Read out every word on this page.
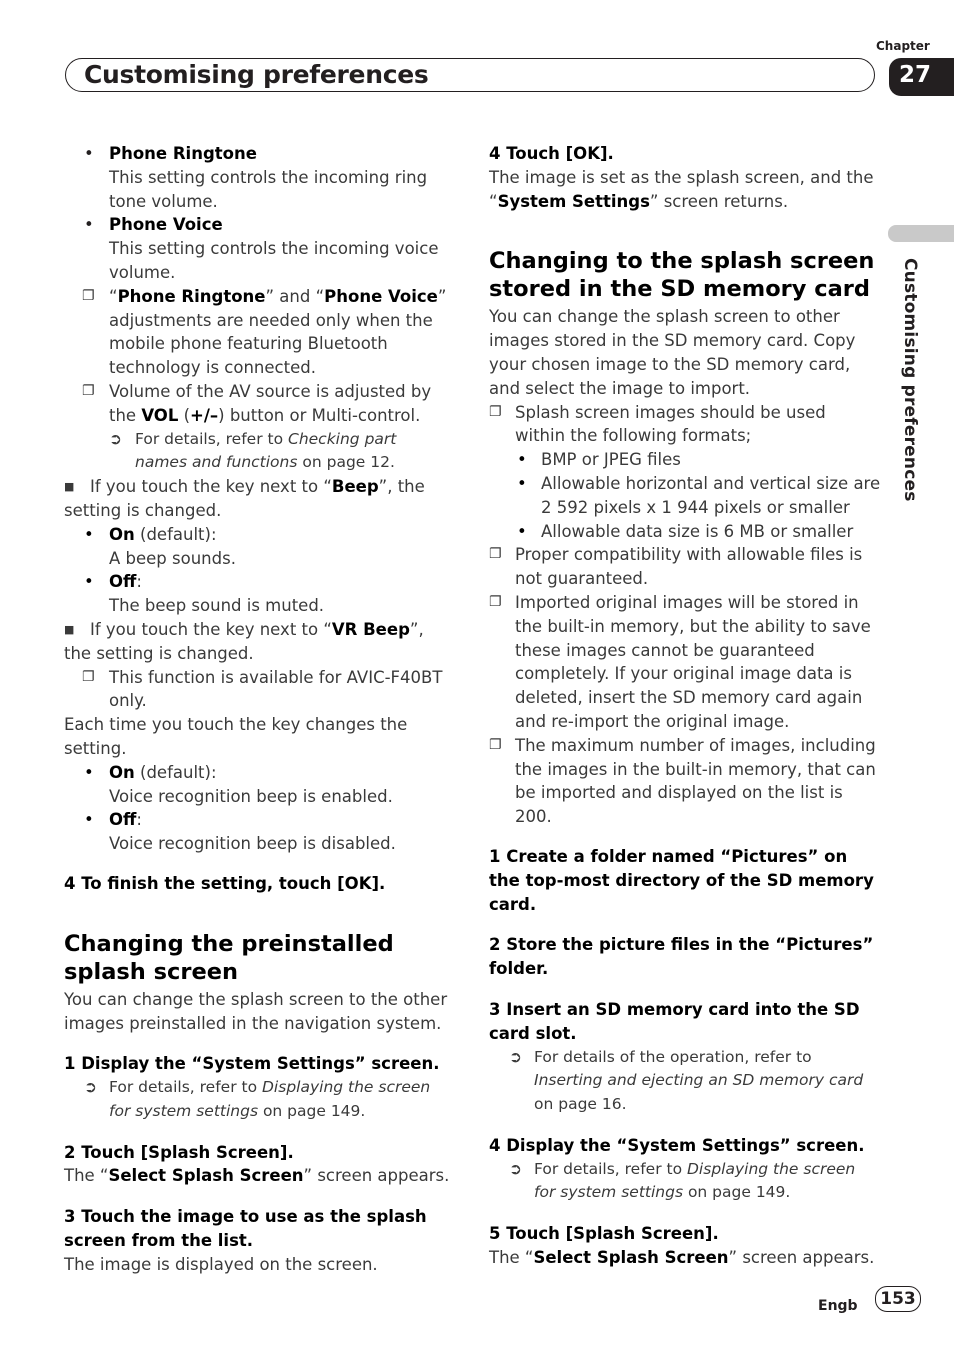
Chapter
Customising preferences	27
Customising preferences
• Phone Ringtone
This setting controls the incoming ring tone volume.
• Phone Voice
This setting controls the incoming voice volume.
❐ “Phone Ringtone” and “Phone Voice” adjustments are needed only when the mobile phone featuring Bluetooth technology is connected.
❐ Volume of the AV source is adjusted by the VOL (+/–) button or Multi-control.
➲ For details, refer to Checking part names and functions on page 12.
■ If you touch the key next to “Beep”, the setting is changed.
• On (default):
A beep sounds.
• Off:
The beep sound is muted.
■ If you touch the key next to “VR Beep”, the setting is changed.
❐ This function is available for AVIC-F40BT only.

Each time you touch the key changes the setting.

• On (default):
Voice recognition beep is enabled.
• Off:
Voice recognition beep is disabled.

4 To finish the setting, touch [OK].

Changing the preinstalled splash screen

You can change the splash screen to the other images preinstalled in the navigation system.

1 Display the “System Settings” screen.

➲ For details, refer to Displaying the screen for system settings on page 149.

2 Touch [Splash Screen].

The “Select Splash Screen” screen appears.

3 Touch the image to use as the splash screen from the list.

The image is displayed on the screen.

4 Touch [OK].

The image is set as the splash screen, and the “System Settings” screen returns.

Changing to the splash screen stored in the SD memory card

You can change the splash screen to other images stored in the SD memory card. Copy your chosen image to the SD memory card, and select the image to import.

❐ Splash screen images should be used within the following formats;
• BMP or JPEG files
• Allowable horizontal and vertical size are 2 592 pixels x 1 944 pixels or smaller
• Allowable data size is 6 MB or smaller
❐ Proper compatibility with allowable files is not guaranteed.
❐ Imported original images will be stored in the built-in memory, but the ability to save these images cannot be guaranteed completely. If your original image data is deleted, insert the SD memory card again and re-import the original image.
❐ The maximum number of images, including the images in the built-in memory, that can be imported and displayed on the list is 200.

1 Create a folder named “Pictures” on the top-most directory of the SD memory card.

2 Store the picture files in the “Pictures” folder.

3 Insert an SD memory card into the SD card slot.

➲ For details of the operation, refer to Inserting and ejecting an SD memory card on page 16.

4 Display the “System Settings” screen.

➲ For details, refer to Displaying the screen for system settings on page 149.

5 Touch [Splash Screen].

The “Select Splash Screen” screen appears.

Engb	153
